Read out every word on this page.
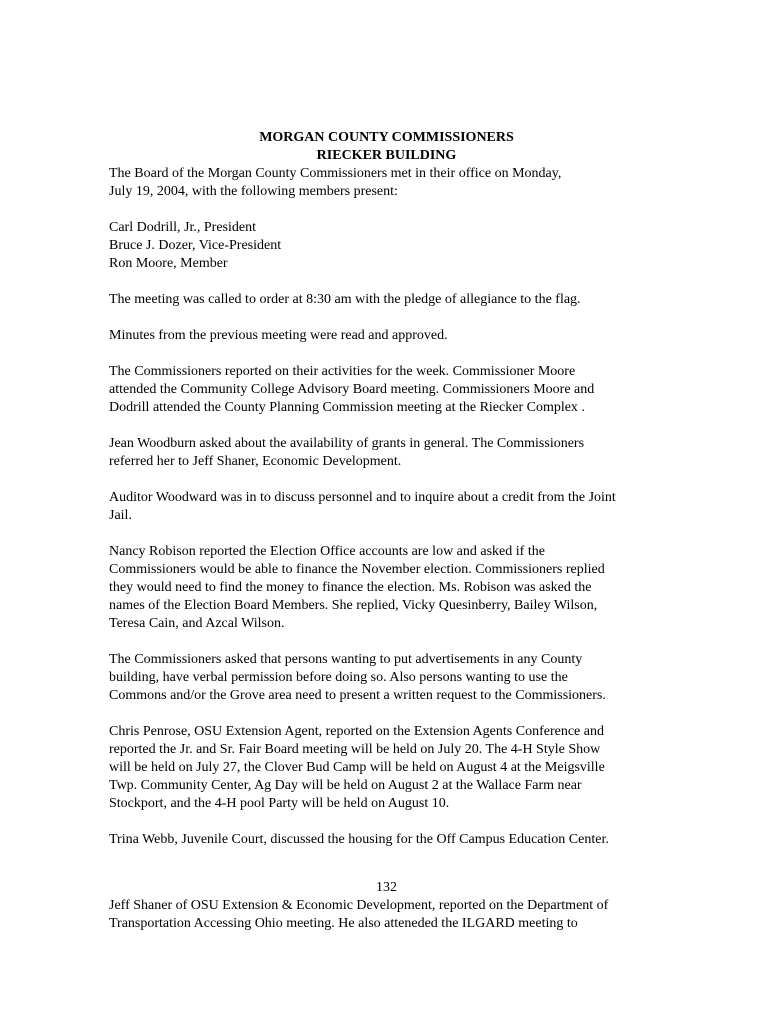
MORGAN COUNTY COMMISSIONERS

RIECKER BUILDING

The Board of the Morgan County Commissioners met in their office on Monday,
July 19, 2004, with the following members present:

Carl Dodrill, Jr., President
Bruce J. Dozer, Vice-President
Ron Moore, Member

The meeting was called to order at 8:30 am with the pledge of allegiance to the flag.

Minutes from the previous meeting were read and approved.

The Commissioners reported on their activities for the week. Commissioner Moore
attended the Community College Advisory Board meeting. Commissioners Moore and
Dodrill attended the County Planning Commission meeting at the Riecker Complex .

Jean Woodburn asked about the availability of grants in general. The Commissioners
referred her to Jeff Shaner, Economic Development.

Auditor Woodward was in to discuss personnel and to inquire about a credit from the Joint
Jail.

Nancy Robison reported the Election Office accounts are low and asked if the
Commissioners would be able to finance the November election. Commissioners replied
they would need to find the money to finance the election. Ms. Robison was asked the
names of the Election Board Members. She replied, Vicky Quesinberry, Bailey Wilson,
Teresa Cain, and Azcal Wilson.

The Commissioners asked that persons wanting to put advertisements in any County
building, have verbal permission before doing so. Also persons wanting to use the
Commons and/or the Grove area need to present a written request to the Commissioners.

Chris Penrose, OSU Extension Agent, reported on the Extension Agents Conference and
reported the Jr. and Sr. Fair Board meeting will be held on July 20. The 4-H Style Show
will be held on July 27, the Clover Bud Camp will be held on August 4 at the Meigsville
Twp. Community Center, Ag Day will be held on August 2 at the Wallace Farm near
Stockport, and the 4-H pool Party will be held on August 10.

Trina Webb, Juvenile Court, discussed the housing for the Off Campus Education Center.

132

Jeff Shaner of OSU Extension & Economic Development, reported on the Department of
Transportation Accessing Ohio meeting. He also atteneded the ILGARD meeting to
